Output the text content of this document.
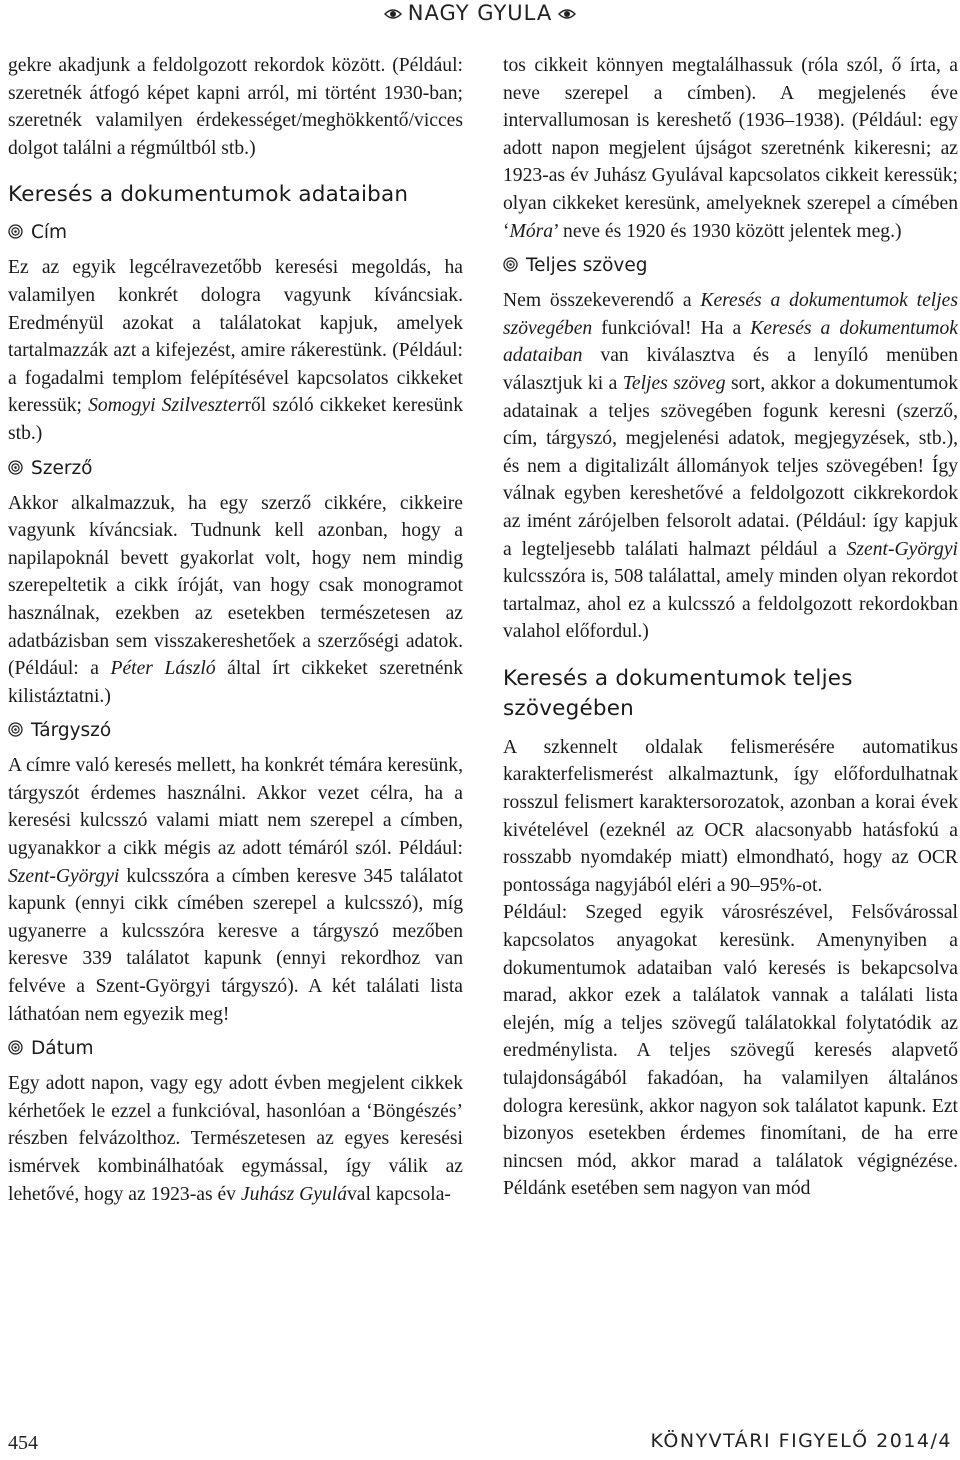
NAGY GYULA

gekre akadjunk a feldolgozott rekordok között. (Például: szeretnék átfogó képet kapni arról, mi történt 1930-ban; szeretnék valamilyen érdekességet/meghökkentő/vicces dolgot találni a régmúltból stb.)

Keresés a dokumentumok adataiban
Cím

Ez az egyik legcélravezetőbb keresési megoldás, ha valamilyen konkrét dologra vagyunk kíváncsiak. Eredményül azokat a találatokat kapjuk, amelyek tartalmazzák azt a kifejezést, amire rákerestünk. (Például: a fogadalmi templom felépítésével kapcsolatos cikkeket keressük; Somogyi Szilveszterről szóló cikkeket keresünk stb.)

Szerző

Akkor alkalmazzuk, ha egy szerző cikkére, cikkeire vagyunk kíváncsiak. Tudnunk kell azonban, hogy a napilapoknál bevett gyakorlat volt, hogy nem mindig szerepeltetik a cikk íróját, van hogy csak monogramot használnak, ezekben az esetekben természetesen az adatbázisban sem visszakereshetőek a szerzőségi adatok. (Például: a Péter László által írt cikkeket szeretnénk kilistáztatni.)

Tárgyszó

A címre való keresés mellett, ha konkrét témára keresünk, tárgyszót érdemes használni. Akkor vezet célra, ha a keresési kulcsszó valami miatt nem szerepel a címben, ugyanakkor a cikk mégis az adott témáról szól. Például: Szent-Györgyi kulcsszóra a címben keresve 345 találatot kapunk (ennyi cikk címében szerepel a kulcsszó), míg ugyanerre a kulcsszóra keresve a tárgyszó mezőben keresve 339 találatot kapunk (ennyi rekordhoz van felvéve a Szent-Györgyi tárgyszó). A két találati lista láthatóan nem egyezik meg!

Dátum

Egy adott napon, vagy egy adott évben megjelent cikkek kérhetőek le ezzel a funkcióval, hasonlóan a ‘Böngészés’ részben felvázolthoz. Természetesen az egyes keresési ismérvek kombinálhatóak egymással, így válik az lehetővé, hogy az 1923-as év Juhász Gyulával kapcsola-

tos cikkeit könnyen megtalálhassuk (róla szól, ő írta, a neve szerepel a címben). A megjelenés éve intervallumosan is kereshető (1936–1938). (Például: egy adott napon megjelent újságot szeretnénk kikeresni; az 1923-as év Juhász Gyulával kapcsolatos cikkeit keressük; olyan cikkeket keresünk, amelyeknek szerepel a címében ‘Móra’ neve és 1920 és 1930 között jelentek meg.)

Teljes szöveg

Nem összekeverendő a Keresés a dokumentumok teljes szövegében funkcióval! Ha a Keresés a dokumentumok adataiban van kiválasztva és a lenyíló menüben választjuk ki a Teljes szöveg sort, akkor a dokumentumok adatainak a teljes szövegében fogunk keresni (szerző, cím, tárgyszó, megjelenési adatok, megjegyzések, stb.), és nem a digitalizált állományok teljes szövegében! Így válnak egyben kereshetővé a feldolgozott cikkrekordok az imént zárójelben felsorolt adatai. (Például: így kapjuk a legteljesebb találati halmazt például a Szent-Györgyi kulcsszóra is, 508 találattal, amely minden olyan rekordot tartalmaz, ahol ez a kulcsszó a feldolgozott rekordokban valahol előfordul.)

Keresés a dokumentumok teljes szövegében

A szkennelt oldalak felismerésére automatikus karakterfelismerést alkalmaztunk, így előfordulhatnak rosszul felismert karaktersorozatok, azonban a korai évek kivételével (ezeknél az OCR alacsonyabb hatásfokú a rosszabb nyomdakép miatt) elmondható, hogy az OCR pontossága nagyjából eléri a 90–95%-ot.

Például: Szeged egyik városrészével, Felsővárossal kapcsolatos anyagokat keresünk. Amenynyiben a dokumentumok adataiban való keresés is bekapcsolva marad, akkor ezek a találatok vannak a találati lista elején, míg a teljes szövegű találatokkal folytatódik az eredménylista. A teljes szövegű keresés alapvető tulajdonságából fakadóan, ha valamilyen általános dologra keresünk, akkor nagyon sok találatot kapunk. Ezt bizonyos esetekben érdemes finomítani, de ha erre nincsen mód, akkor marad a találatok végignézése. Példánk esetében sem nagyon van mód

454	KÖNYVTÁRI FIGYELŐ 2014/4
